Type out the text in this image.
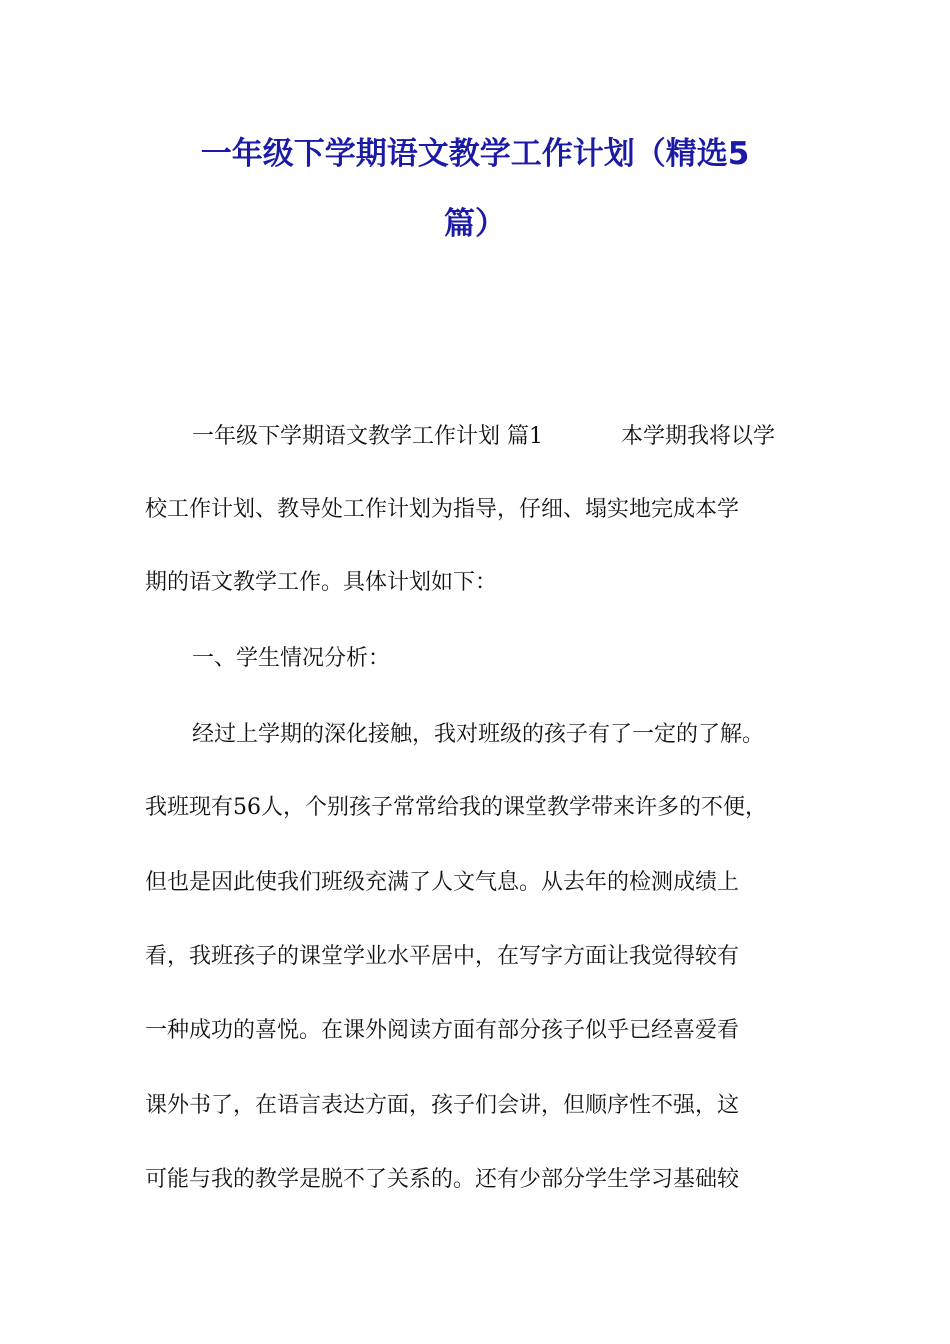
一年级下学期语文教学工作计划（精选5
篇）

一年级下学期语文教学工作计划 篇1	本学期我将以学

校工作计划、教导处工作计划为指导，仔细、塌实地完成本学

期的语文教学工作。具体计划如下：

一、学生情况分析：

经过上学期的深化接触，我对班级的孩子有了一定的了解。

我班现有56人，个别孩子常常给我的课堂教学带来许多的不便，

但也是因此使我们班级充满了人文气息。从去年的检测成绩上

看，我班孩子的课堂学业水平居中，在写字方面让我觉得较有

一种成功的喜悦。在课外阅读方面有部分孩子似乎已经喜爱看

课外书了，在语言表达方面，孩子们会讲，但顺序性不强，这

可能与我的教学是脱不了关系的。还有少部分学生学习基础较
